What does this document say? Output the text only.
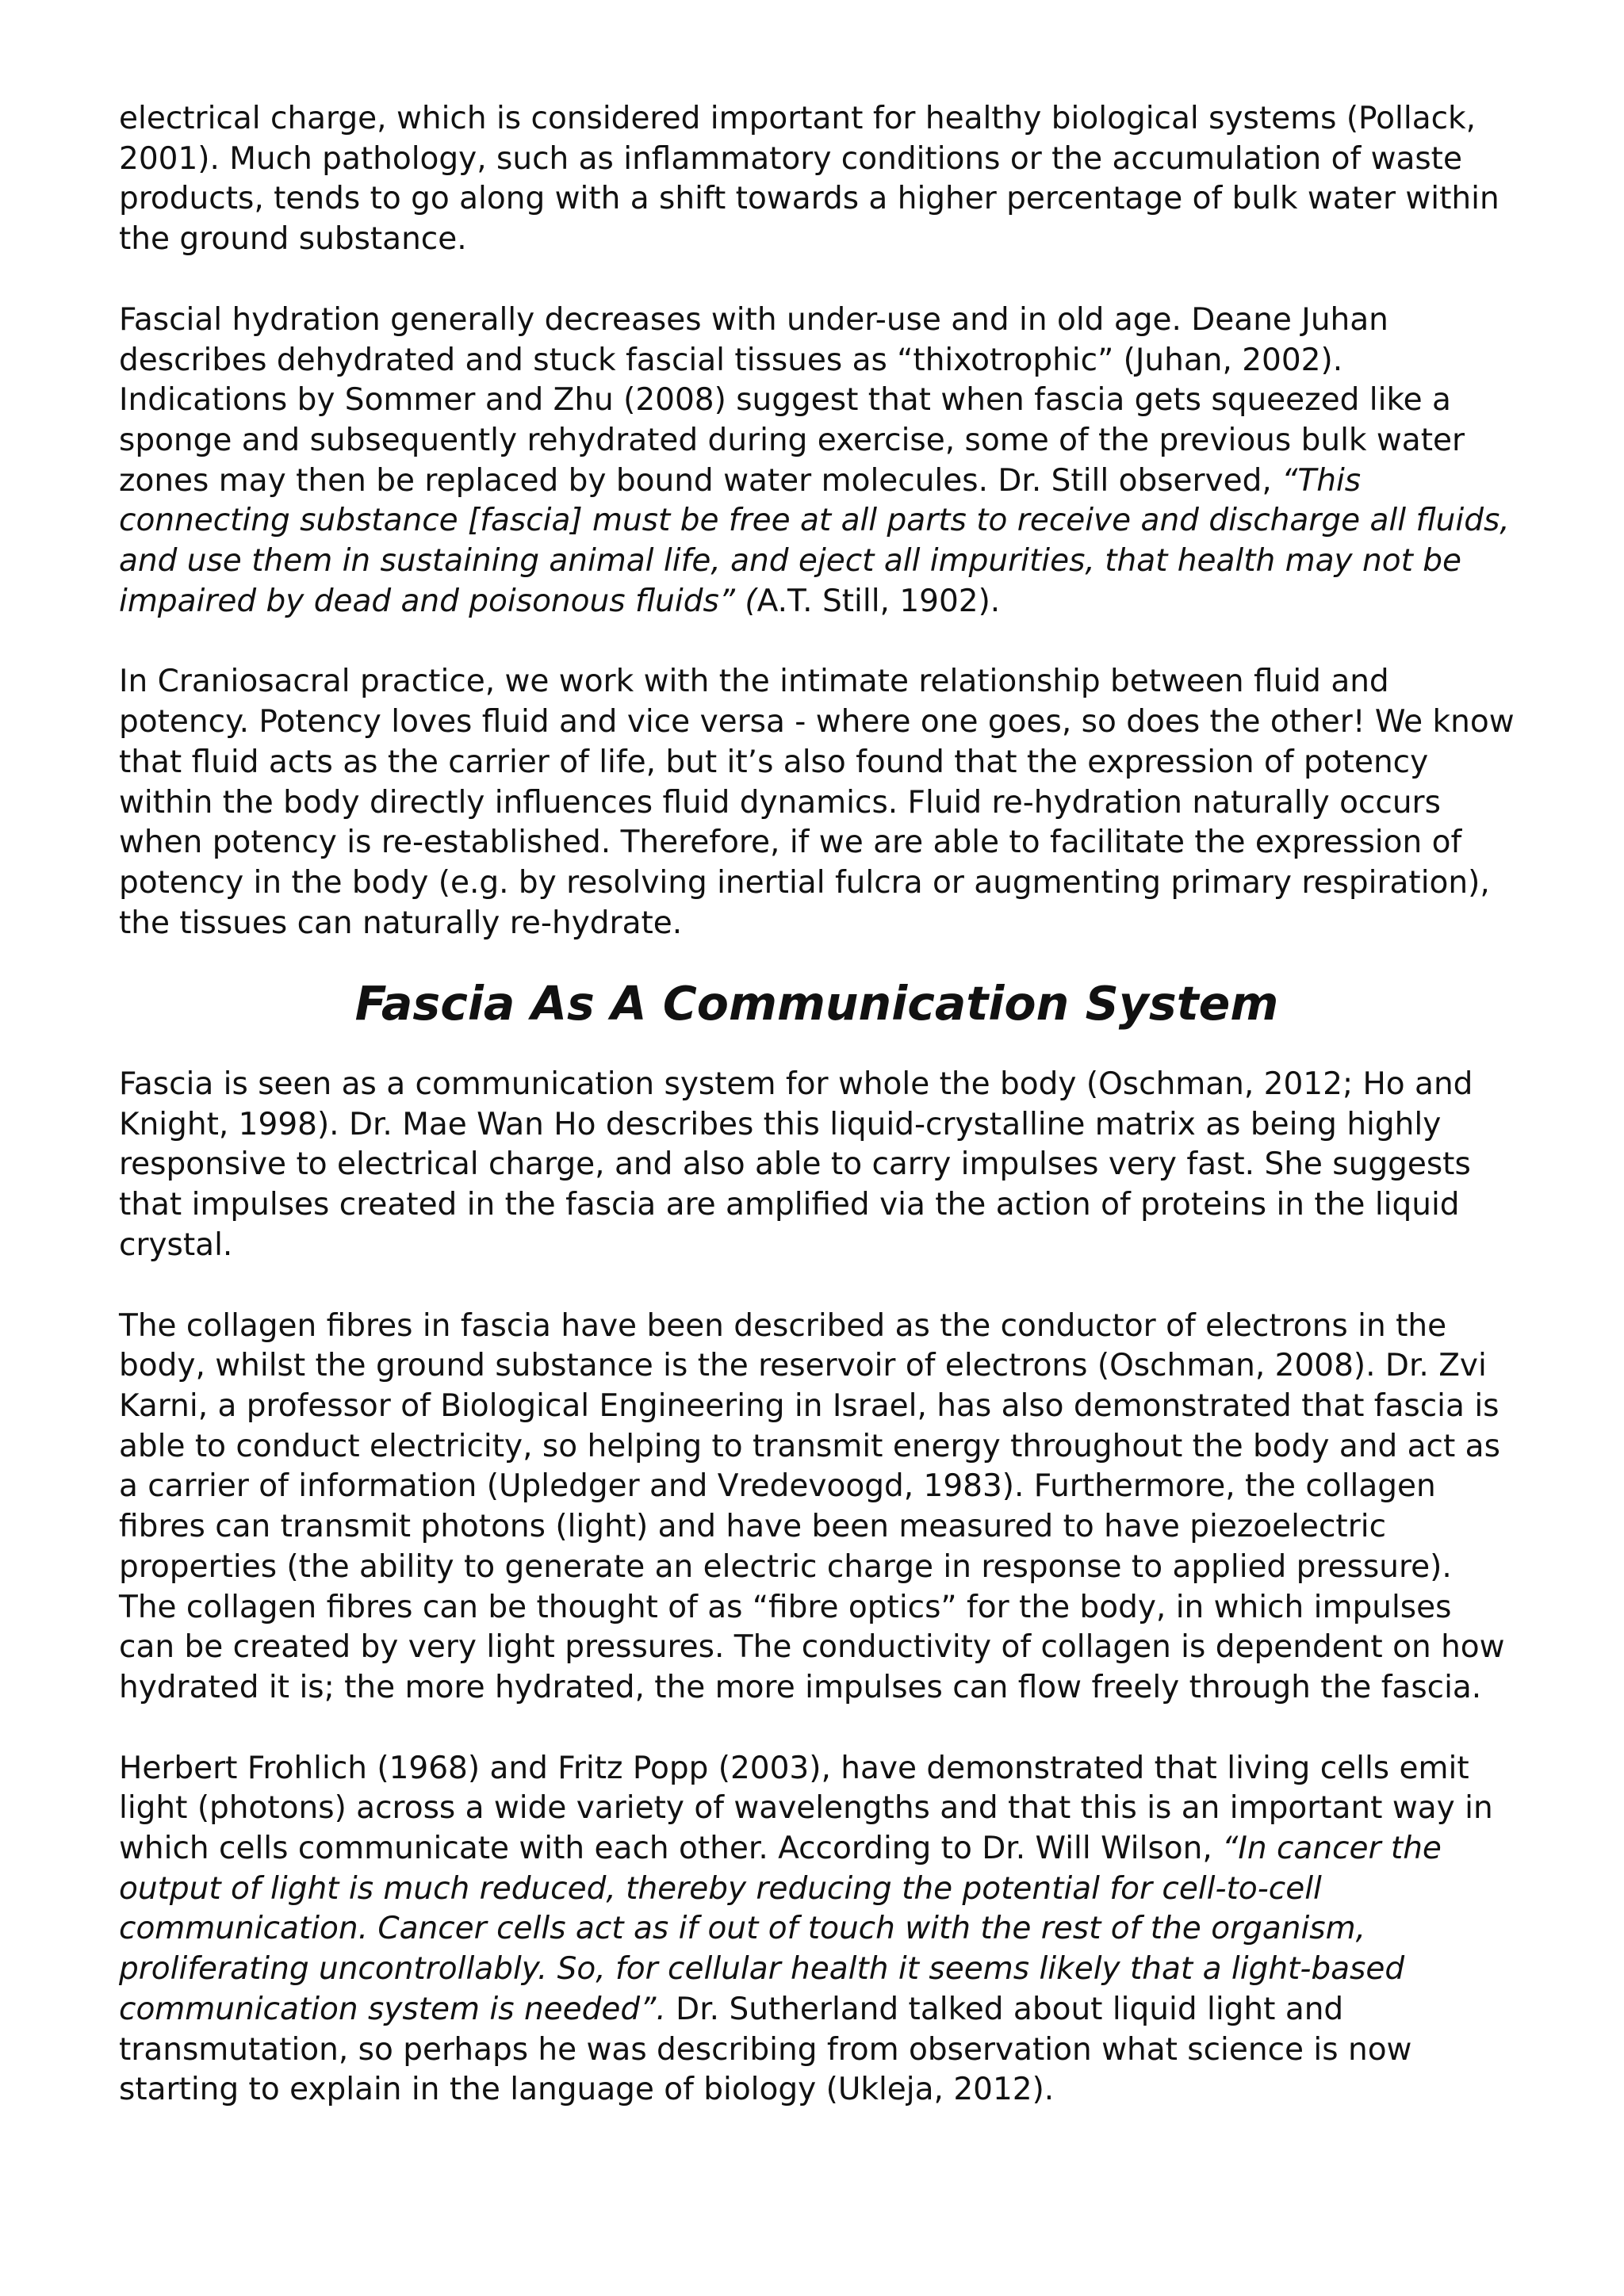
electrical charge, which is considered important for healthy biological systems (Pollack, 2001). Much pathology, such as inflammatory conditions or the accumulation of waste products, tends to go along with a shift towards a higher percentage of bulk water within the ground substance.

Fascial hydration generally decreases with under-use and in old age. Deane Juhan describes dehydrated and stuck fascial tissues as “thixotrophic” (Juhan, 2002). Indications by Sommer and Zhu (2008) suggest that when fascia gets squeezed like a sponge and subsequently rehydrated during exercise, some of the previous bulk water zones may then be replaced by bound water molecules. Dr. Still observed, “This connecting substance [fascia] must be free at all parts to receive and discharge all fluids, and use them in sustaining animal life, and eject all impurities, that health may not be impaired by dead and poisonous fluids” (A.T. Still, 1902).

In Craniosacral practice, we work with the intimate relationship between fluid and potency. Potency loves fluid and vice versa - where one goes, so does the other! We know that fluid acts as the carrier of life, but it’s also found that the expression of potency within the body directly influences fluid dynamics. Fluid re-hydration naturally occurs when potency is re-established. Therefore, if we are able to facilitate the expression of potency in the body (e.g. by resolving inertial fulcra or augmenting primary respiration), the tissues can naturally re-hydrate.

Fascia As A Communication System

Fascia is seen as a communication system for whole the body (Oschman, 2012; Ho and Knight, 1998). Dr. Mae Wan Ho describes this liquid-crystalline matrix as being highly responsive to electrical charge, and also able to carry impulses very fast. She suggests that impulses created in the fascia are amplified via the action of proteins in the liquid crystal.

The collagen fibres in fascia have been described as the conductor of electrons in the body, whilst the ground substance is the reservoir of electrons (Oschman, 2008). Dr. Zvi Karni, a professor of Biological Engineering in Israel, has also demonstrated that fascia is able to conduct electricity, so helping to transmit energy throughout the body and act as a carrier of information (Upledger and Vredevoogd, 1983). Furthermore, the collagen fibres can transmit photons (light) and have been measured to have piezoelectric properties (the ability to generate an electric charge in response to applied pressure). The collagen fibres can be thought of as “fibre optics” for the body, in which impulses can be created by very light pressures. The conductivity of collagen is dependent on how hydrated it is; the more hydrated, the more impulses can flow freely through the fascia.

Herbert Frohlich (1968) and Fritz Popp (2003), have demonstrated that living cells emit light (photons) across a wide variety of wavelengths and that this is an important way in which cells communicate with each other. According to Dr. Will Wilson, “In cancer the output of light is much reduced, thereby reducing the potential for cell-to-cell communication. Cancer cells act as if out of touch with the rest of the organism, proliferating uncontrollably. So, for cellular health it seems likely that a light-based communication system is needed”. Dr. Sutherland talked about liquid light and transmutation, so perhaps he was describing from observation what science is now starting to explain in the language of biology (Ukleja, 2012).
